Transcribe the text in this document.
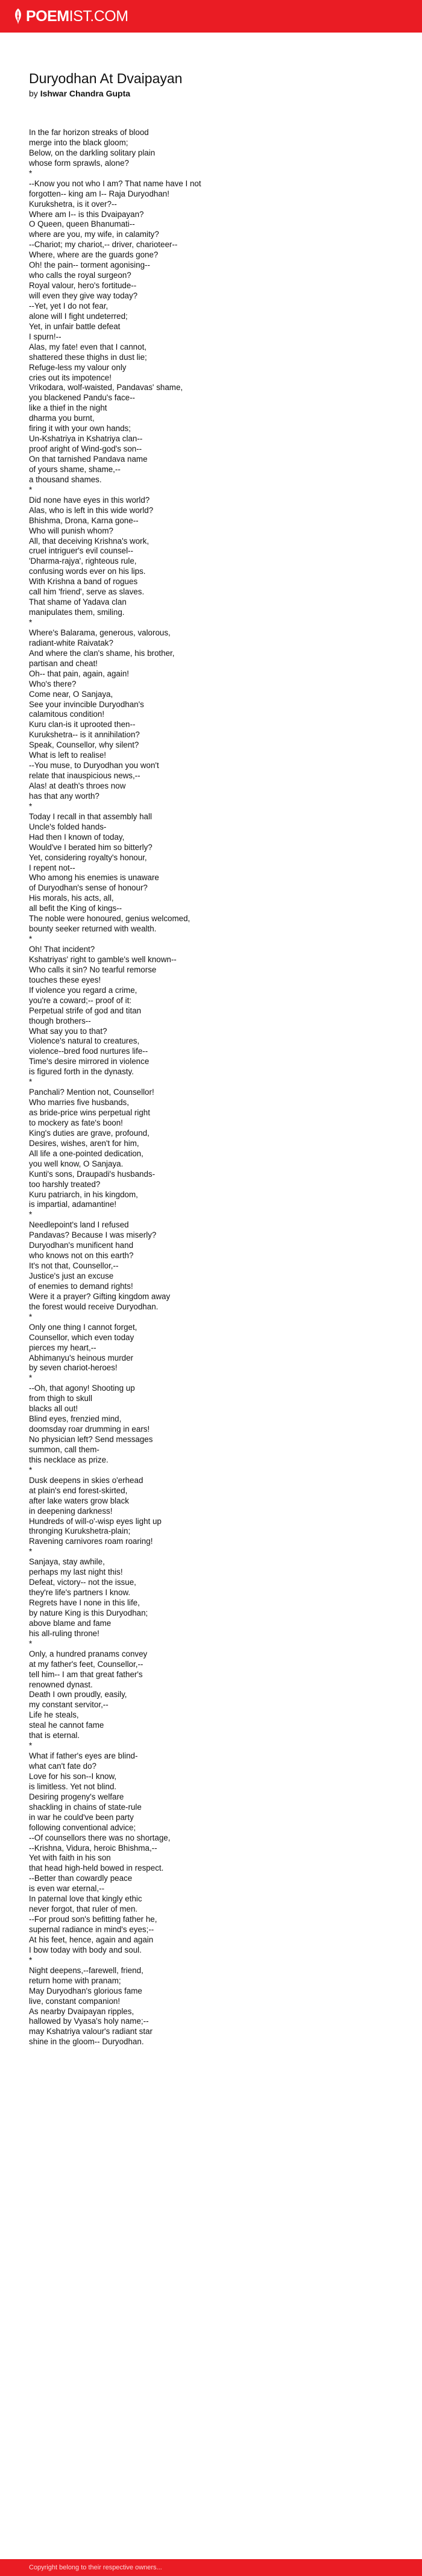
POEMIST.COM
Duryodhan At Dvaipayan
by Ishwar Chandra Gupta
In the far horizon streaks of blood
merge into the black gloom;
Below, on the darkling solitary plain
whose form sprawls, alone?
*
--Know you not who I am? That name have I not
forgotten-- king am I-- Raja Duryodhan!
Kurukshetra, is it over?--
Where am I-- is this Dvaipayan?
O Queen, queen Bhanumati--
where are you, my wife, in calamity?
--Chariot; my chariot,-- driver, charioteer--
Where, where are the guards gone?
Oh! the pain-- torment agonising--
who calls the royal surgeon?
Royal valour, hero's fortitude--
will even they give way today?
--Yet, yet I do not fear,
alone will I fight undeterred;
Yet, in unfair battle defeat
I spurn!--
Alas, my fate! even that I cannot,
shattered these thighs in dust lie;
Refuge-less my valour only
cries out its impotence!
Vrikodara, wolf-waisted, Pandavas' shame,
you blackened Pandu's face--
like a thief in the night
dharma you burnt,
firing it with your own hands;
Un-Kshatriya in Kshatriya clan--
proof aright of Wind-god's son--
On that tarnished Pandava name
of yours shame, shame,--
a thousand shames.
*
Did none have eyes in this world?
Alas, who is left in this wide world?
Bhishma, Drona, Karna gone--
Who will punish whom?
All, that deceiving Krishna's work,
cruel intriguer's evil counsel--
'Dharma-rajya', righteous rule,
confusing words ever on his lips.
With Krishna a band of rogues
call him 'friend', serve as slaves.
That shame of Yadava clan
manipulates them, smiling.
*
Where's Balarama, generous, valorous,
radiant-white Raivatak?
And where the clan's shame, his brother,
partisan and cheat!
Oh-- that pain, again, again!
Who's there?
Come near, O Sanjaya,
See your invincible Duryodhan's
calamitous condition!
Kuru clan-is it uprooted then--
Kurukshetra-- is it annihilation?
Speak, Counsellor, why silent?
What is left to realise!
--You muse, to Duryodhan you won't
relate that inauspicious news,--
Alas! at death's throes now
has that any worth?
*
Today I recall in that assembly hall
Uncle's folded hands-
Had then I known of today,
Would've I berated him so bitterly?
Yet, considering royalty's honour,
I repent not--
Who among his enemies is unaware
of Duryodhan's sense of honour?
His morals, his acts, all,
all befit the King of kings--
The noble were honoured, genius welcomed,
bounty seeker returned with wealth.
*
Oh! That incident?
Kshatriyas' right to gamble's well known--
Who calls it sin? No tearful remorse
touches these eyes!
If violence you regard a crime,
you're a coward;-- proof of it:
Perpetual strife of god and titan
though brothers--
What say you to that?
Violence's natural to creatures,
violence--bred food nurtures life--
Time's desire mirrored in violence
is figured forth in the dynasty.
*
Panchali? Mention not, Counsellor!
Who marries five husbands,
as bride-price wins perpetual right
to mockery as fate's boon!
King's duties are grave, profound,
Desires, wishes, aren't for him,
All life a one-pointed dedication,
you well know, O Sanjaya.
Kunti's sons, Draupadi's husbands-
too harshly treated?
Kuru patriarch, in his kingdom,
is impartial, adamantine!
*
Needlepoint's land I refused
Pandavas? Because I was miserly?
Duryodhan's munificent hand
who knows not on this earth?
It's not that, Counsellor,--
Justice's just an excuse
of enemies to demand rights!
Were it a prayer? Gifting kingdom away
the forest would receive Duryodhan.
*
Only one thing I cannot forget,
Counsellor, which even today
pierces my heart,--
Abhimanyu's heinous murder
by seven chariot-heroes!
*
--Oh, that agony! Shooting up
from thigh to skull
blacks all out!
Blind eyes, frenzied mind,
doomsday roar drumming in ears!
No physician left? Send messages
summon, call them-
this necklace as prize.
*
Dusk deepens in skies o'erhead
at plain's end forest-skirted,
after lake waters grow black
in deepening darkness!
Hundreds of will-o'-wisp eyes light up
thronging Kurukshetra-plain;
Ravening carnivores roam roaring!
*
Sanjaya, stay awhile,
perhaps my last night this!
Defeat, victory-- not the issue,
they're life's partners I know.
Regrets have I none in this life,
by nature King is this Duryodhan;
above blame and fame
his all-ruling throne!
*
Only, a hundred pranams convey
at my father's feet, Counsellor,--
tell him-- I am that great father's
renowned dynast.
Death I own proudly, easily,
my constant servitor,--
Life he steals,
steal he cannot fame
that is eternal.
*
What if father's eyes are blind-
what can't fate do?
Love for his son--I know,
is limitless. Yet not blind.
Desiring progeny's welfare
shackling in chains of state-rule
in war he could've been party
following conventional advice;
--Of counsellors there was no shortage,
--Krishna, Vidura, heroic Bhishma,--
Yet with faith in his son
that head high-held bowed in respect.
--Better than cowardly peace
is even war eternal,--
In paternal love that kingly ethic
never forgot, that ruler of men.
--For proud son's befitting father he,
supernal radiance in mind's eyes;--
At his feet, hence, again and again
I bow today with body and soul.
*
Night deepens,--farewell, friend,
return home with pranam;
May Duryodhan's glorious fame
live, constant companion!
As nearby Dvaipayan ripples,
hallowed by Vyasa's holy name;--
may Kshatriya valour's radiant star
shine in the gloom-- Duryodhan.
Copyright belong to their respective owners...
